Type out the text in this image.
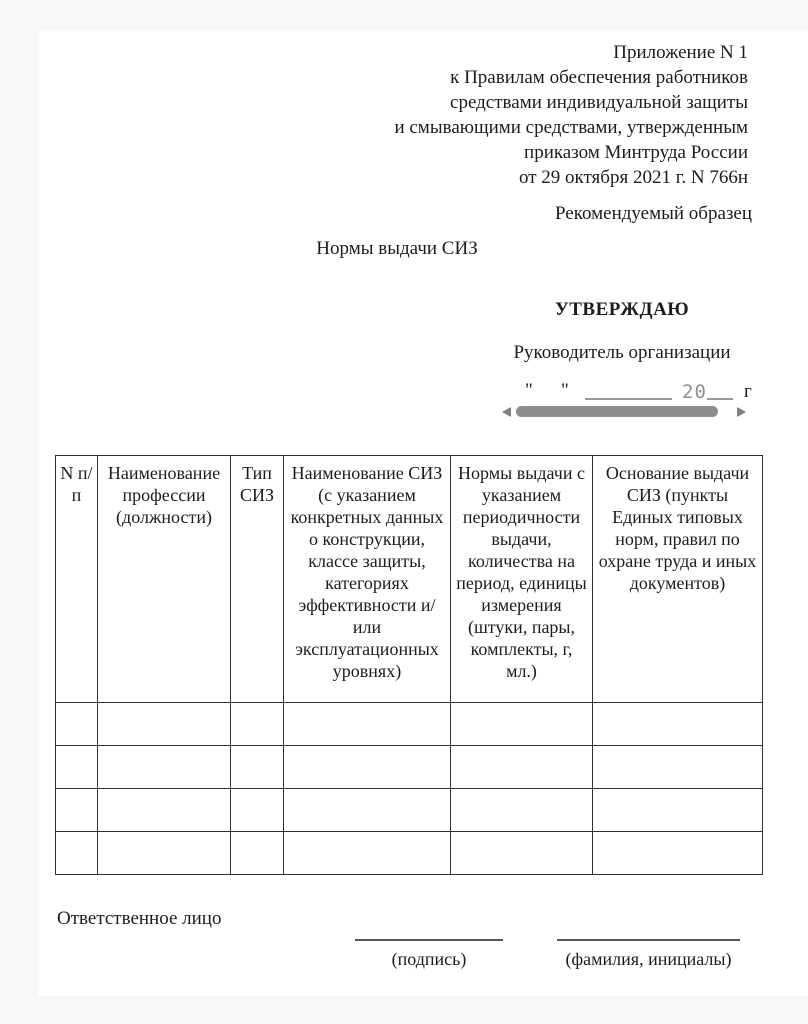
Приложение N 1
к Правилам обеспечения работников
средствами индивидуальной защиты
и смывающими средствами, утвержденным
приказом Минтруда России
от 29 октября 2021 г. N 766н
Рекомендуемый образец
Нормы выдачи СИЗ
УТВЕРЖДАЮ
Руководитель организации
" "	20 г
N п/п	Наименование профессии (должности)	Тип СИЗ	Наименование СИЗ (с указанием конкретных данных о конструкции, классе защиты, категориях эффективности и/или эксплуатационных уровнях)	Нормы выдачи с указанием периодичности выдачи, количества на период, единицы измерения (штуки, пары, комплекты, г, мл.)	Основание выдачи СИЗ (пункты Единых типовых норм, правил по охране труда и иных документов)

Ответственное лицо
(подпись)	(фамилия, инициалы)
